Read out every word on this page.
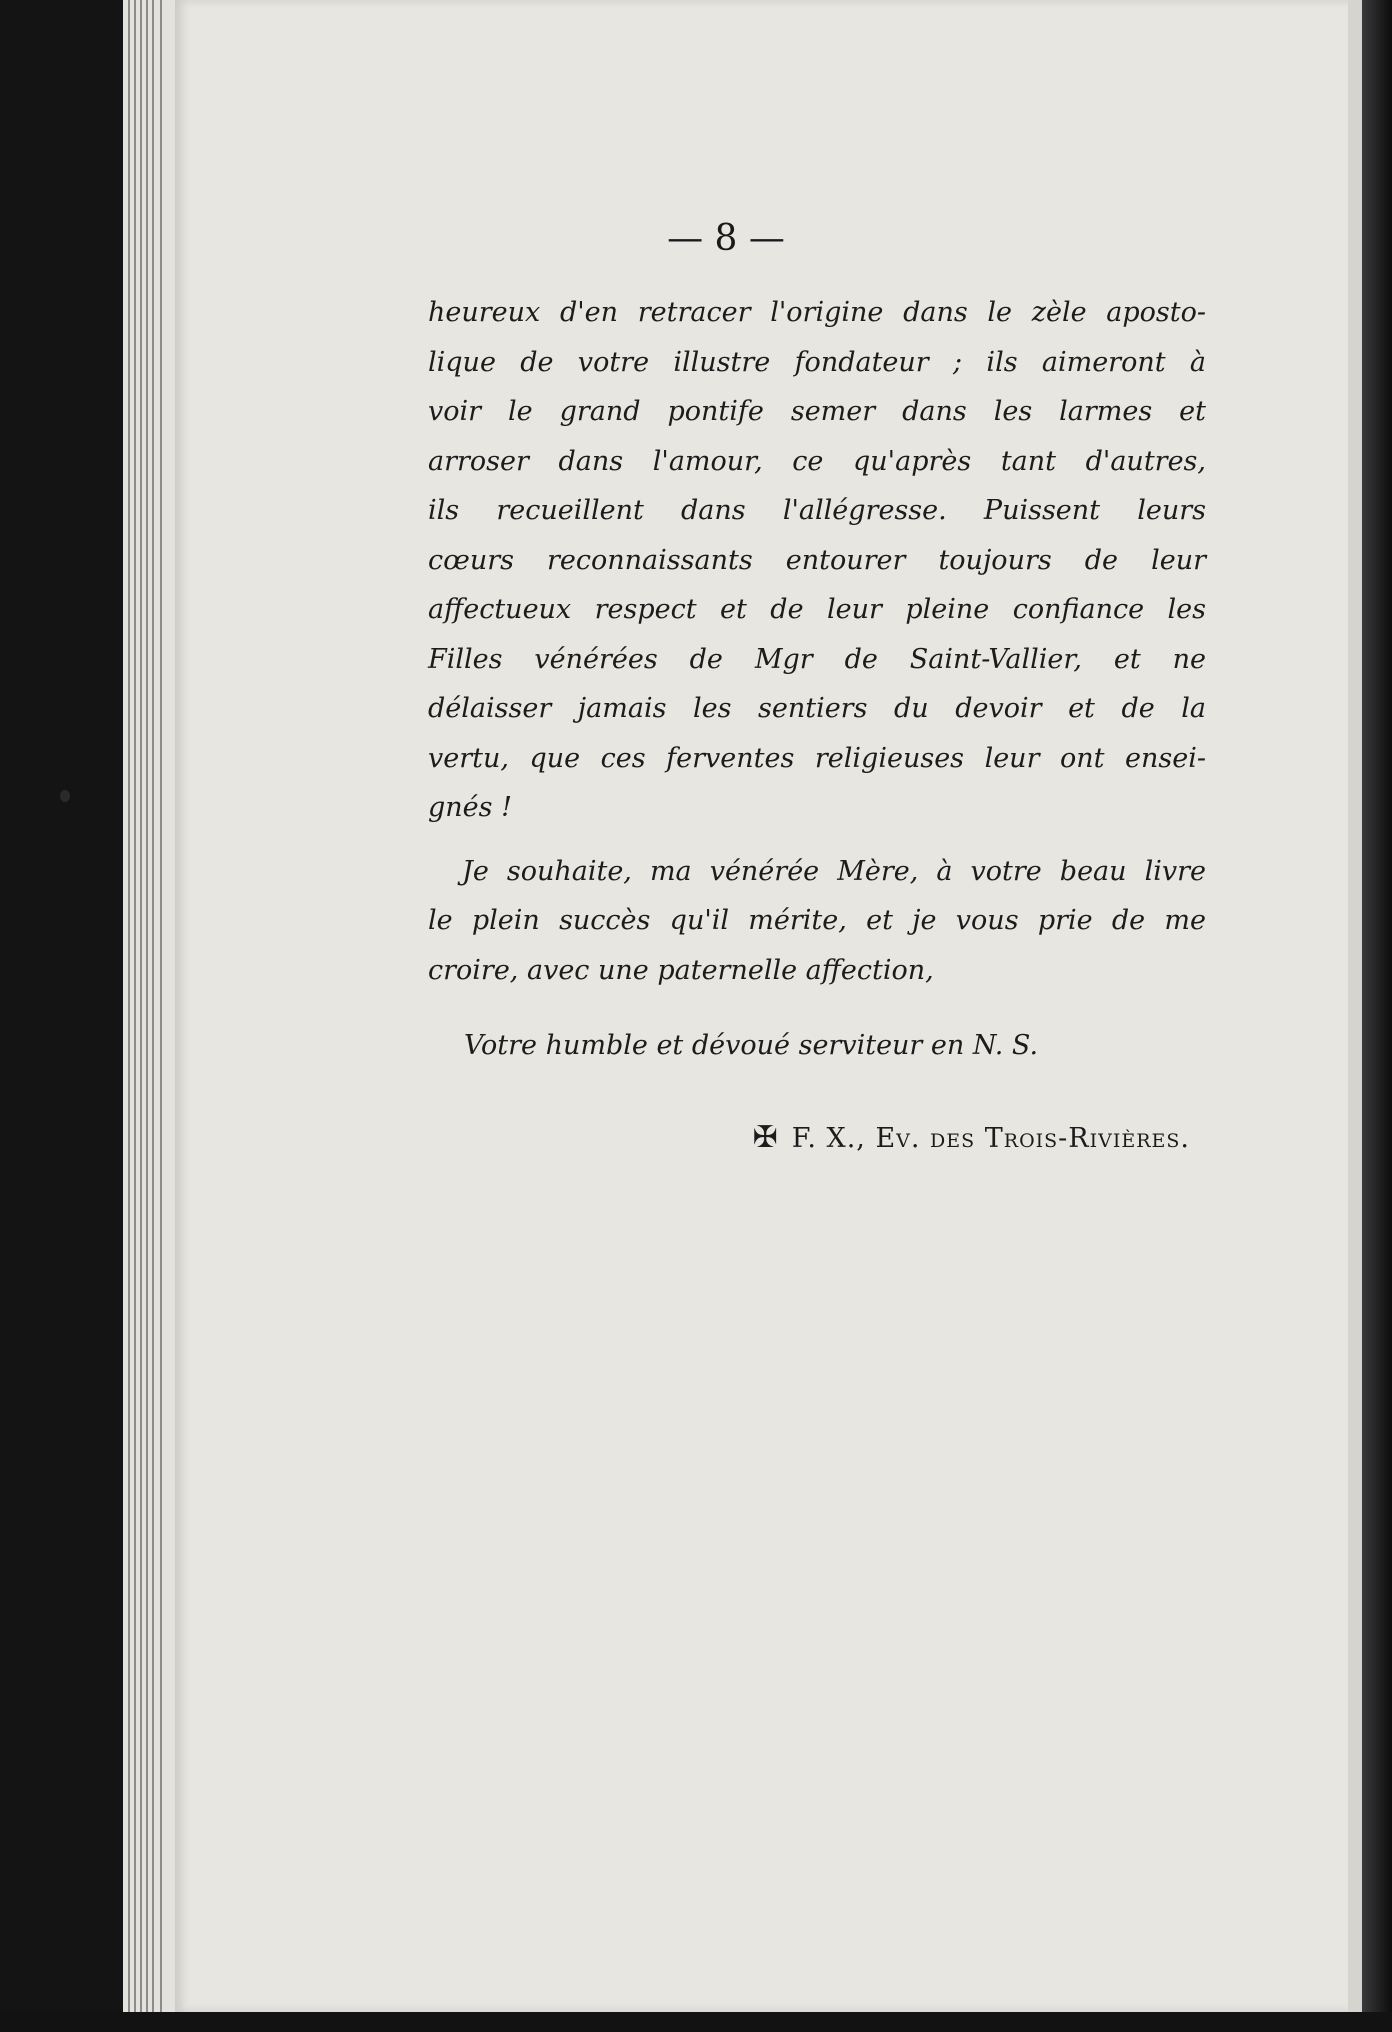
— 8 —
heureux d'en retracer l'origine dans le zèle aposto-
lique de votre illustre fondateur ; ils aimeront à
voir le grand pontife semer dans les larmes et
arroser dans l'amour, ce qu'après tant d'autres,
ils recueillent dans l'allégresse. Puissent leurs
cœurs reconnaissants entourer toujours de leur
affectueux respect et de leur pleine confiance les
Filles vénérées de Mgr de Saint-Vallier, et ne
délaisser jamais les sentiers du devoir et de la
vertu, que ces ferventes religieuses leur ont ensei-
gnés !
Je souhaite, ma vénérée Mère, à votre beau livre
le plein succès qu'il mérite, et je vous prie de me
croire, avec une paternelle affection,
Votre humble et dévoué serviteur en N. S.
✠ F. X., Ev. des Trois-Rivières.
